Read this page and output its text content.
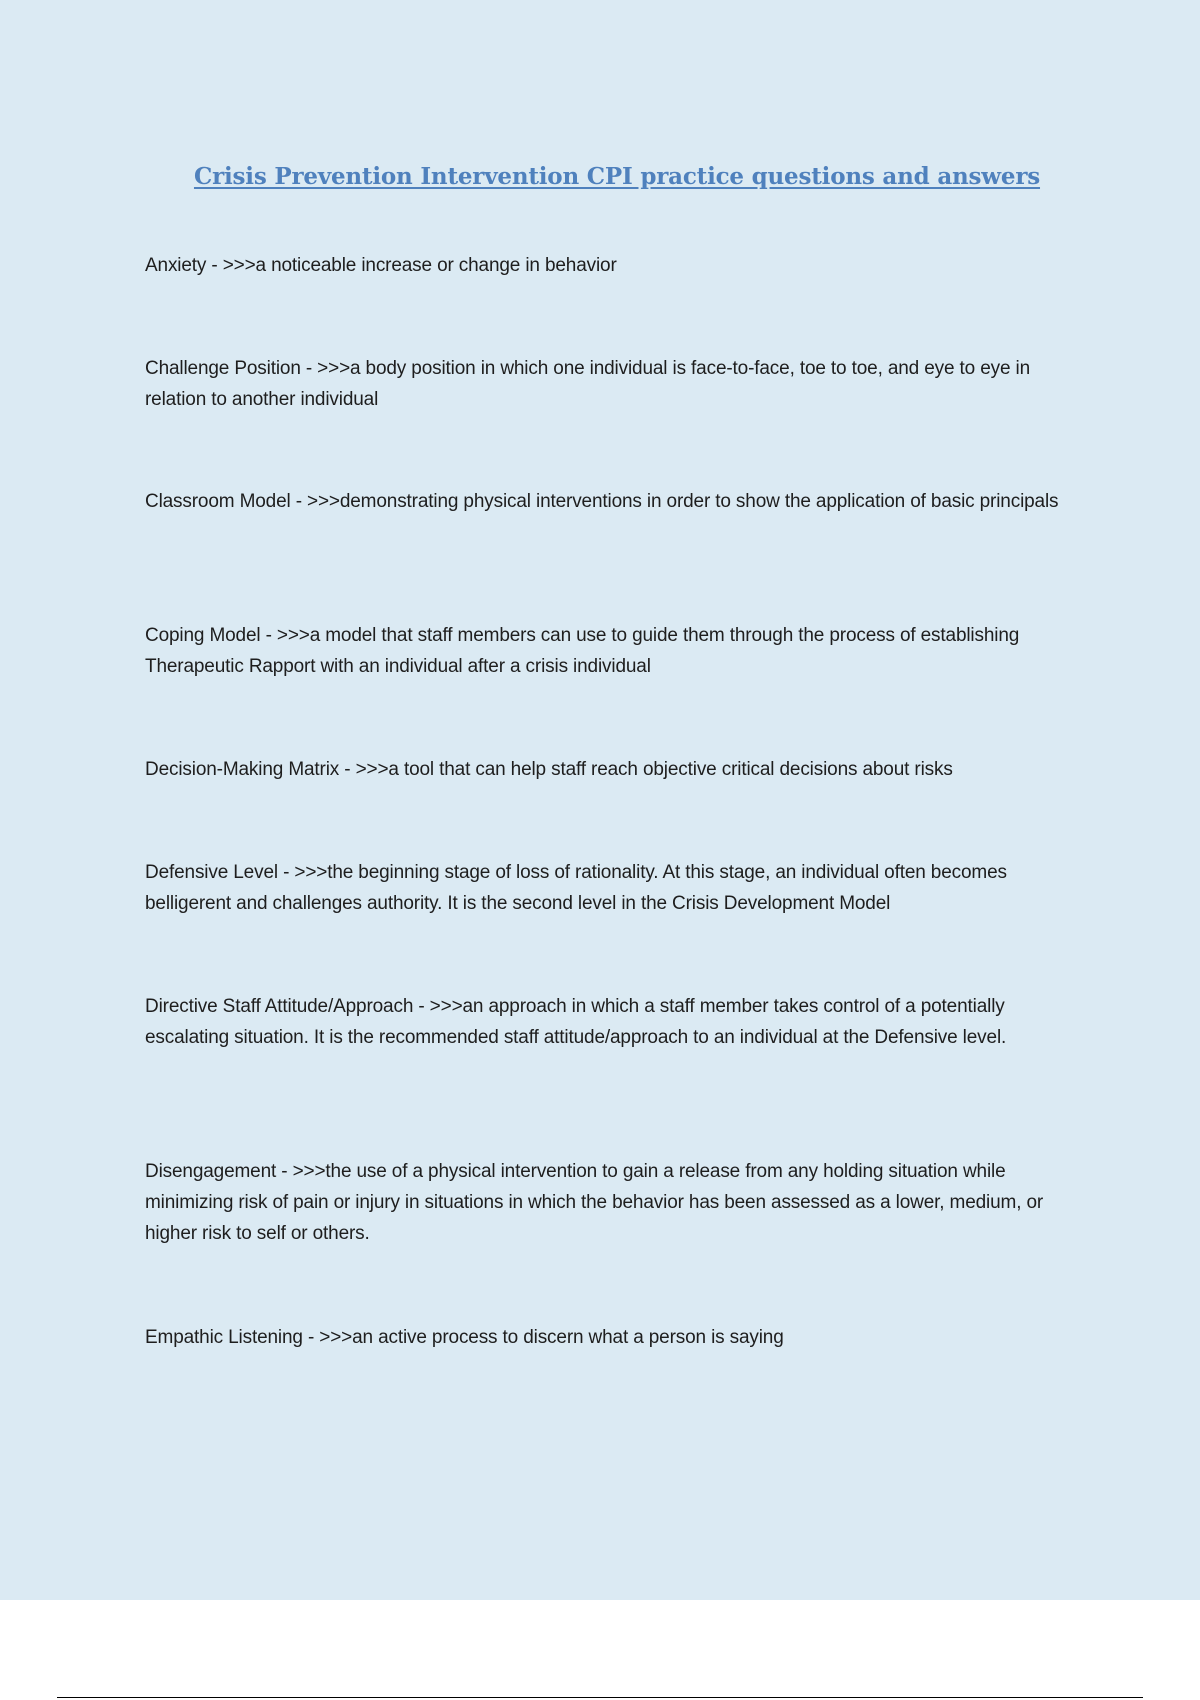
Crisis Prevention Intervention CPI practice questions and answers

Anxiety - >>>a noticeable increase or change in behavior

Challenge Position - >>>a body position in which one individual is face-to-face, toe to toe, and eye to eye in relation to another individual

Classroom Model - >>>demonstrating physical interventions in order to show the application of basic principals

Coping Model - >>>a model that staff members can use to guide them through the process of establishing Therapeutic Rapport with an individual after a crisis individual

Decision-Making Matrix - >>>a tool that can help staff reach objective critical decisions about risks

Defensive Level - >>>the beginning stage of loss of rationality. At this stage, an individual often becomes belligerent and challenges authority. It is the second level in the Crisis Development Model

Directive Staff Attitude/Approach - >>>an approach in which a staff member takes control of a potentially escalating situation. It is the recommended staff attitude/approach to an individual at the Defensive level.

Disengagement - >>>the use of a physical intervention to gain a release from any holding situation while minimizing risk of pain or injury in situations in which the behavior has been assessed as a lower, medium, or higher risk to self or others.

Empathic Listening - >>>an active process to discern what a person is saying
